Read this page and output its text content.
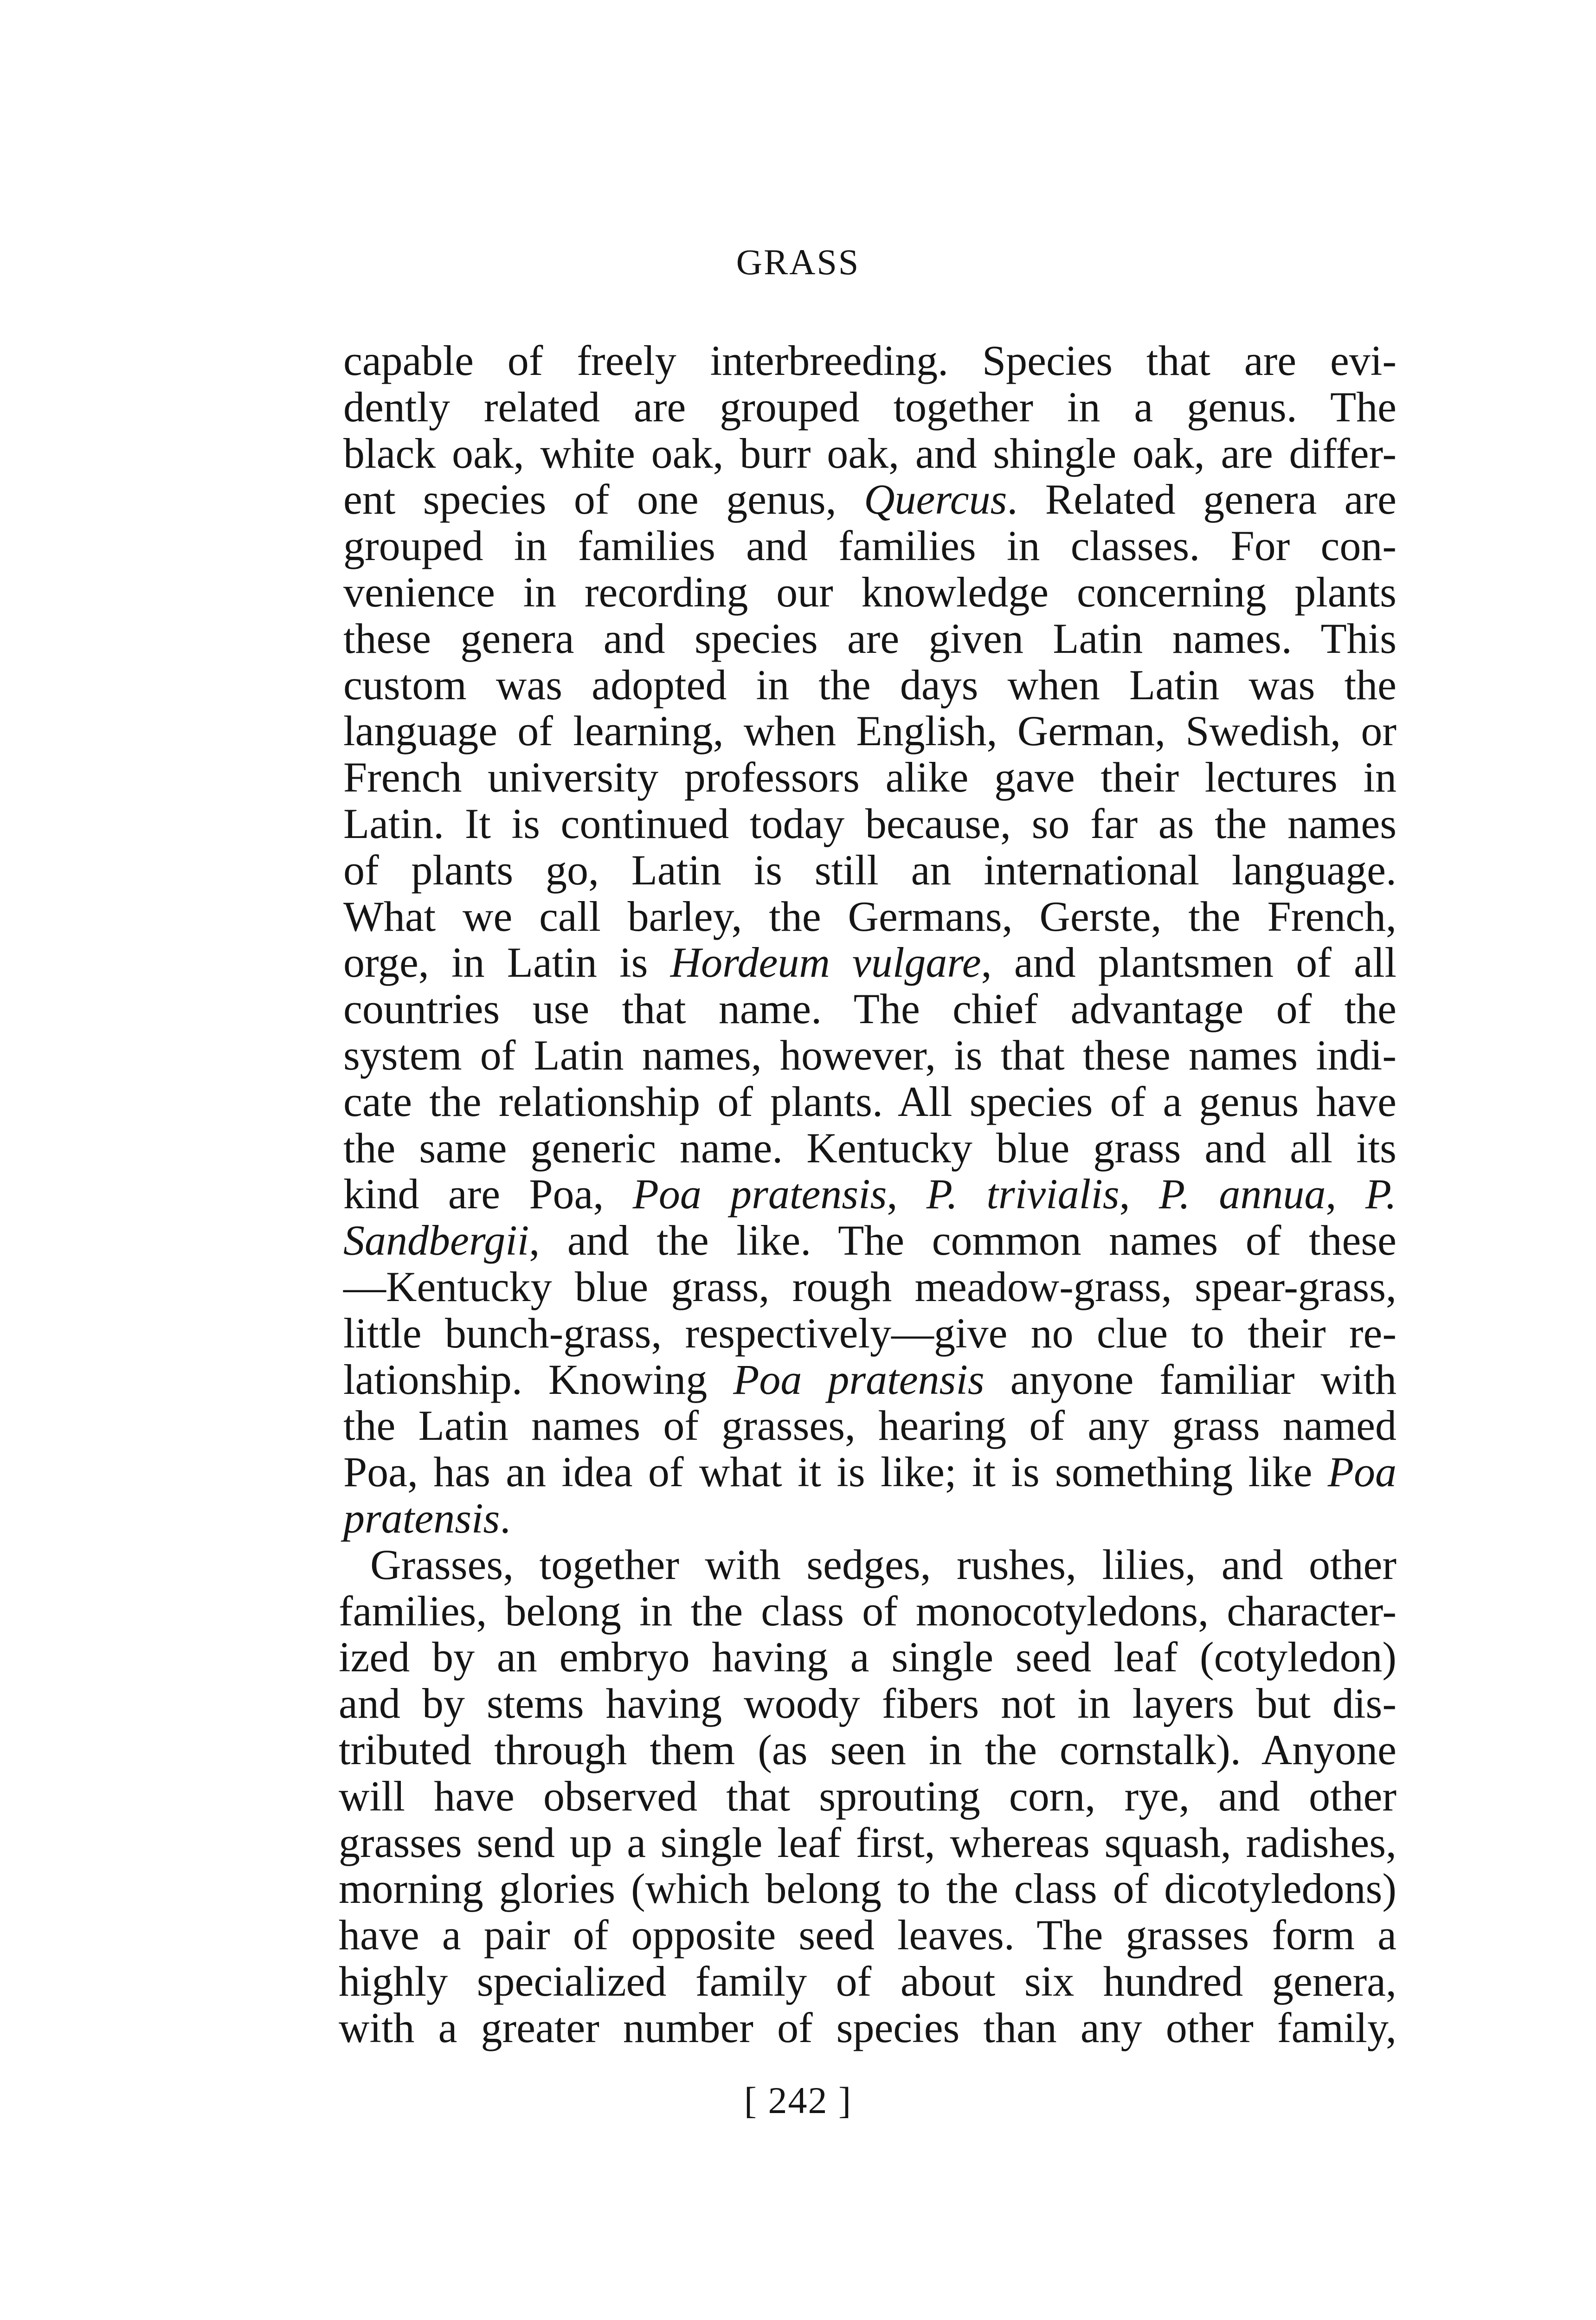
GRASS
capable of freely interbreeding. Species that are evi-
dently related are grouped together in a genus. The
black oak, white oak, burr oak, and shingle oak, are differ-
ent species of one genus, Quercus. Related genera are
grouped in families and families in classes. For con-
venience in recording our knowledge concerning plants
these genera and species are given Latin names. This
custom was adopted in the days when Latin was the
language of learning, when English, German, Swedish, or
French university professors alike gave their lectures in
Latin. It is continued today because, so far as the names
of plants go, Latin is still an international language.
What we call barley, the Germans, Gerste, the French,
orge, in Latin is Hordeum vulgare, and plantsmen of all
countries use that name. The chief advantage of the
system of Latin names, however, is that these names indi-
cate the relationship of plants. All species of a genus have
the same generic name. Kentucky blue grass and all its
kind are Poa, Poa pratensis, P. trivialis, P. annua, P.
Sandbergii, and the like. The common names of these
—Kentucky blue grass, rough meadow-grass, spear-grass,
little bunch-grass, respectively—give no clue to their re-
lationship. Knowing Poa pratensis anyone familiar with
the Latin names of grasses, hearing of any grass named
Poa, has an idea of what it is like; it is something like Poa
pratensis.
Grasses, together with sedges, rushes, lilies, and other
families, belong in the class of monocotyledons, character-
ized by an embryo having a single seed leaf (cotyledon)
and by stems having woody fibers not in layers but dis-
tributed through them (as seen in the cornstalk). Anyone
will have observed that sprouting corn, rye, and other
grasses send up a single leaf first, whereas squash, radishes,
morning glories (which belong to the class of dicotyledons)
have a pair of opposite seed leaves. The grasses form a
highly specialized family of about six hundred genera,
with a greater number of species than any other family,
[ 242 ]
